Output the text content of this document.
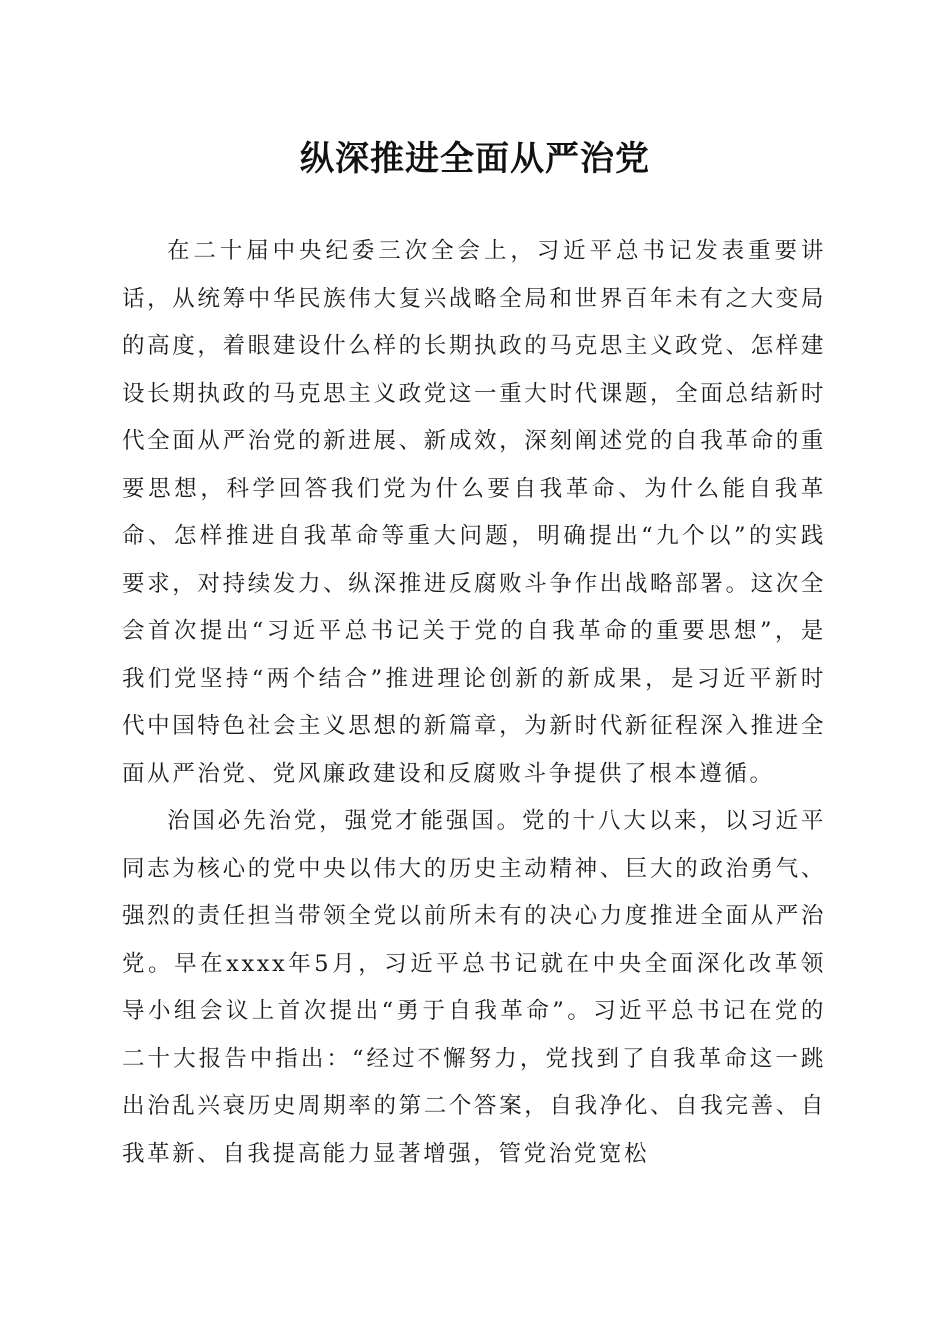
纵深推进全面从严治党

在二十届中央纪委三次全会上，习近平总书记发表重要讲话，从统筹中华民族伟大复兴战略全局和世界百年未有之大变局的高度，着眼建设什么样的长期执政的马克思主义政党、怎样建设长期执政的马克思主义政党这一重大时代课题，全面总结新时代全面从严治党的新进展、新成效，深刻阐述党的自我革命的重要思想，科学回答我们党为什么要自我革命、为什么能自我革命、怎样推进自我革命等重大问题，明确提出“九个以”的实践要求，对持续发力、纵深推进反腐败斗争作出战略部署。这次全会首次提出“习近平总书记关于党的自我革命的重要思想”，是我们党坚持“两个结合”推进理论创新的新成果，是习近平新时代中国特色社会主义思想的新篇章，为新时代新征程深入推进全面从严治党、党风廉政建设和反腐败斗争提供了根本遵循。

治国必先治党，强党才能强国。党的十八大以来，以习近平同志为核心的党中央以伟大的历史主动精神、巨大的政治勇气、强烈的责任担当带领全党以前所未有的决心力度推进全面从严治党。早在xxxx年5月，习近平总书记就在中央全面深化改革领导小组会议上首次提出“勇于自我革命”。习近平总书记在党的二十大报告中指出：“经过不懈努力，党找到了自我革命这一跳出治乱兴衰历史周期率的第二个答案，自我净化、自我完善、自我革新、自我提高能力显著增强，管党治党宽松
